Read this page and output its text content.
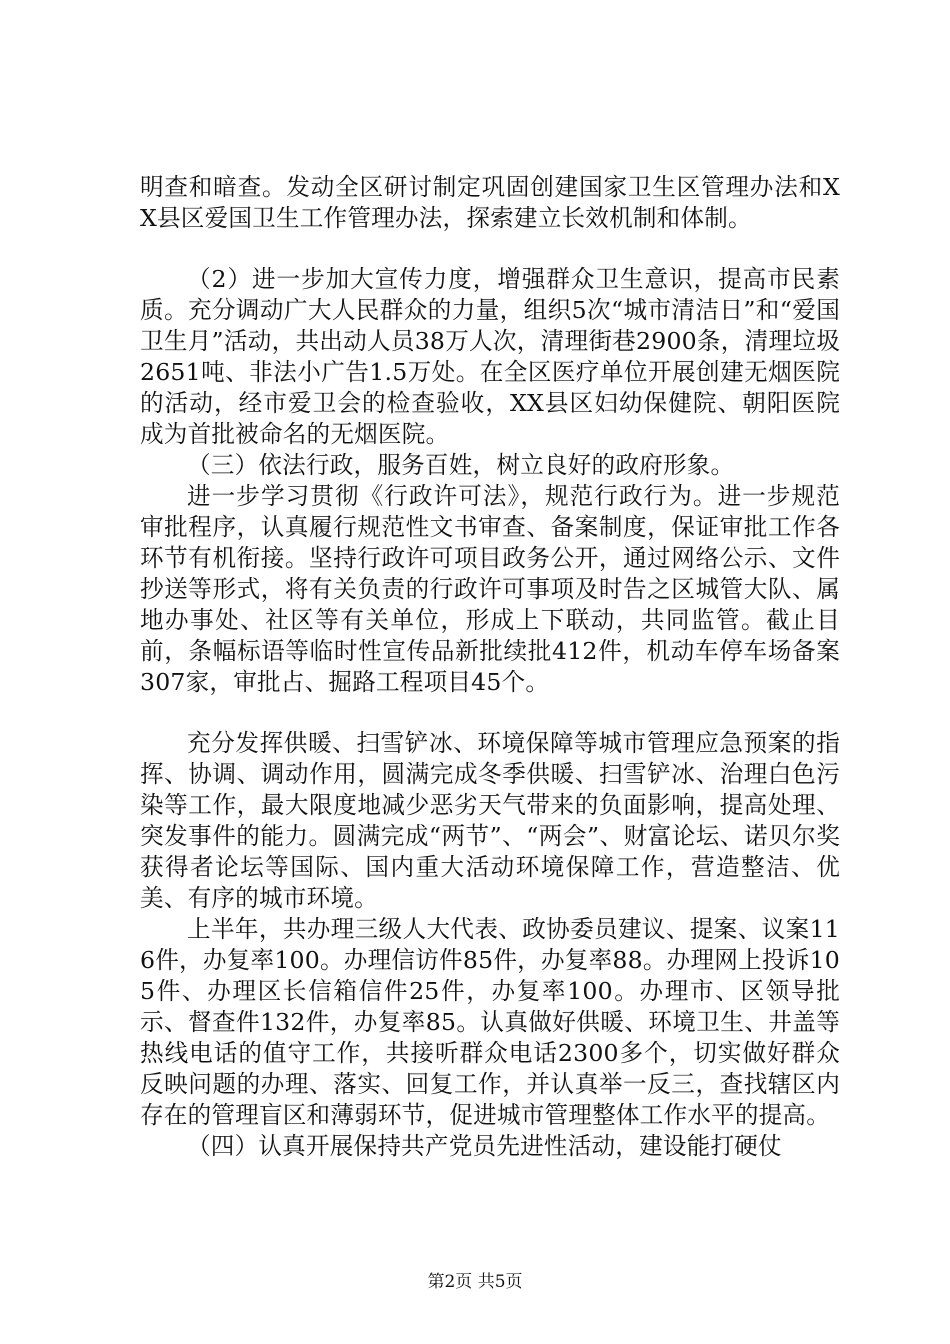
明查和暗查。发动全区研讨制定巩固创建国家卫生区管理办法和XX县区爱国卫生工作管理办法，探索建立长效机制和体制。

（2）进一步加大宣传力度，增强群众卫生意识，提高市民素质。充分调动广大人民群众的力量，组织5次“城市清洁日”和“爱国卫生月”活动，共出动人员38万人次，清理街巷2900条，清理垃圾2651吨、非法小广告1.5万处。在全区医疗单位开展创建无烟医院的活动，经市爱卫会的检查验收，XX县区妇幼保健院、朝阳医院成为首批被命名的无烟医院。

（三）依法行政，服务百姓，树立良好的政府形象。

进一步学习贯彻《行政许可法》，规范行政行为。进一步规范审批程序，认真履行规范性文书审查、备案制度，保证审批工作各环节有机衔接。坚持行政许可项目政务公开，通过网络公示、文件抄送等形式，将有关负责的行政许可事项及时告之区城管大队、属地办事处、社区等有关单位，形成上下联动，共同监管。截止目前，条幅标语等临时性宣传品新批续批412件，机动车停车场备案307家，审批占、掘路工程项目45个。

充分发挥供暖、扫雪铲冰、环境保障等城市管理应急预案的指挥、协调、调动作用，圆满完成冬季供暖、扫雪铲冰、治理白色污染等工作，最大限度地减少恶劣天气带来的负面影响，提高处理、突发事件的能力。圆满完成“两节”、“两会”、财富论坛、诺贝尔奖获得者论坛等国际、国内重大活动环境保障工作，营造整洁、优美、有序的城市环境。

上半年，共办理三级人大代表、政协委员建议、提案、议案116件，办复率100。办理信访件85件，办复率88。办理网上投诉105件、办理区长信箱信件25件，办复率100。办理市、区领导批示、督查件132件，办复率85。认真做好供暖、环境卫生、井盖等热线电话的值守工作，共接听群众电话2300多个，切实做好群众反映问题的办理、落实、回复工作，并认真举一反三，查找辖区内存在的管理盲区和薄弱环节，促进城市管理整体工作水平的提高。

（四）认真开展保持共产党员先进性活动，建设能打硬仗

第2页 共5页
